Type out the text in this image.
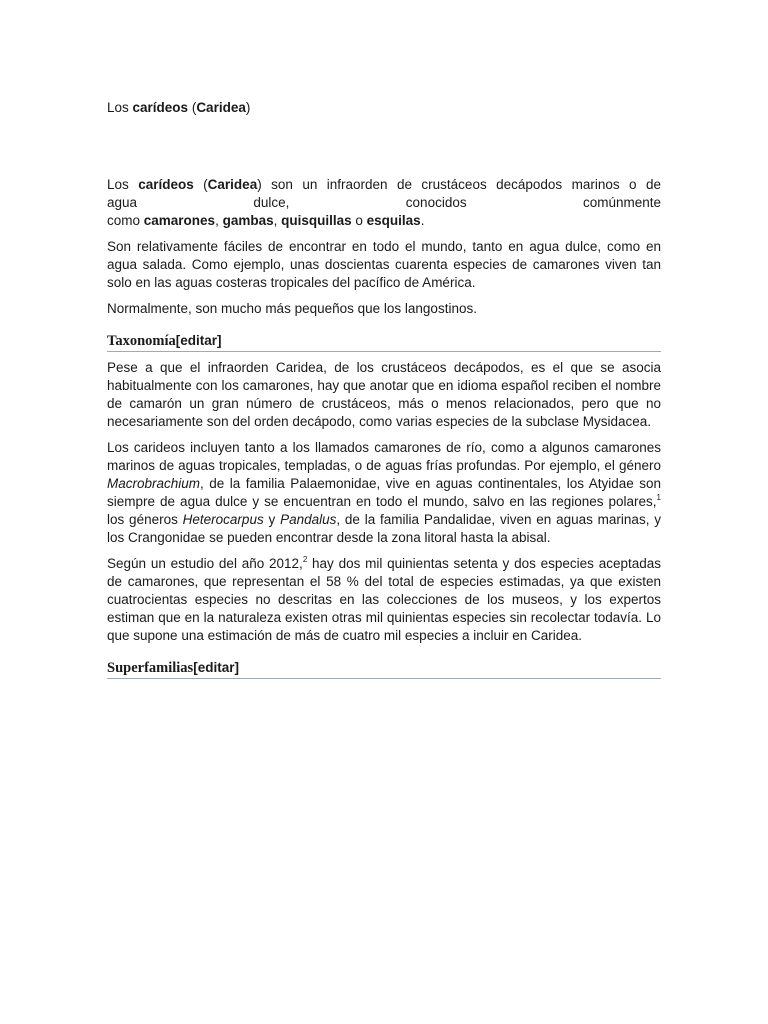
Los carídeos (Caridea)

Los carídeos (Caridea) son un infraorden de crustáceos decápodos marinos o de
agua dulce, conocidos comúnmente
como camarones, gambas, quisquillas o esquilas.

Son relativamente fáciles de encontrar en todo el mundo, tanto en agua dulce, como en agua salada. Como ejemplo, unas doscientas cuarenta especies de camarones viven tan solo en las aguas costeras tropicales del pacífico de América.

Normalmente, son mucho más pequeños que los langostinos.

Taxonomía[editar]

Pese a que el infraorden Caridea, de los crustáceos decápodos, es el que se asocia habitualmente con los camarones, hay que anotar que en idioma español reciben el nombre de camarón un gran número de crustáceos, más o menos relacionados, pero que no necesariamente son del orden decápodo, como varias especies de la subclase Mysidacea.

Los carideos incluyen tanto a los llamados camarones de río, como a algunos camarones marinos de aguas tropicales, templadas, o de aguas frías profundas. Por ejemplo, el género Macrobrachium, de la familia Palaemonidae, vive en aguas continentales, los Atyidae son siempre de agua dulce y se encuentran en todo el mundo, salvo en las regiones polares,$^1$ los géneros Heterocarpus y Pandalus, de la familia Pandalidae, viven en aguas marinas, y los Crangonidae se pueden encontrar desde la zona litoral hasta la abisal.

Según un estudio del año 2012,$^2$ hay dos mil quinientas setenta y dos especies aceptadas de camarones, que representan el 58 % del total de especies estimadas, ya que existen cuatrocientas especies no descritas en las colecciones de los museos, y los expertos estiman que en la naturaleza existen otras mil quinientas especies sin recolectar todavía. Lo que supone una estimación de más de cuatro mil especies a incluir en Caridea.

Superfamilias[editar]
